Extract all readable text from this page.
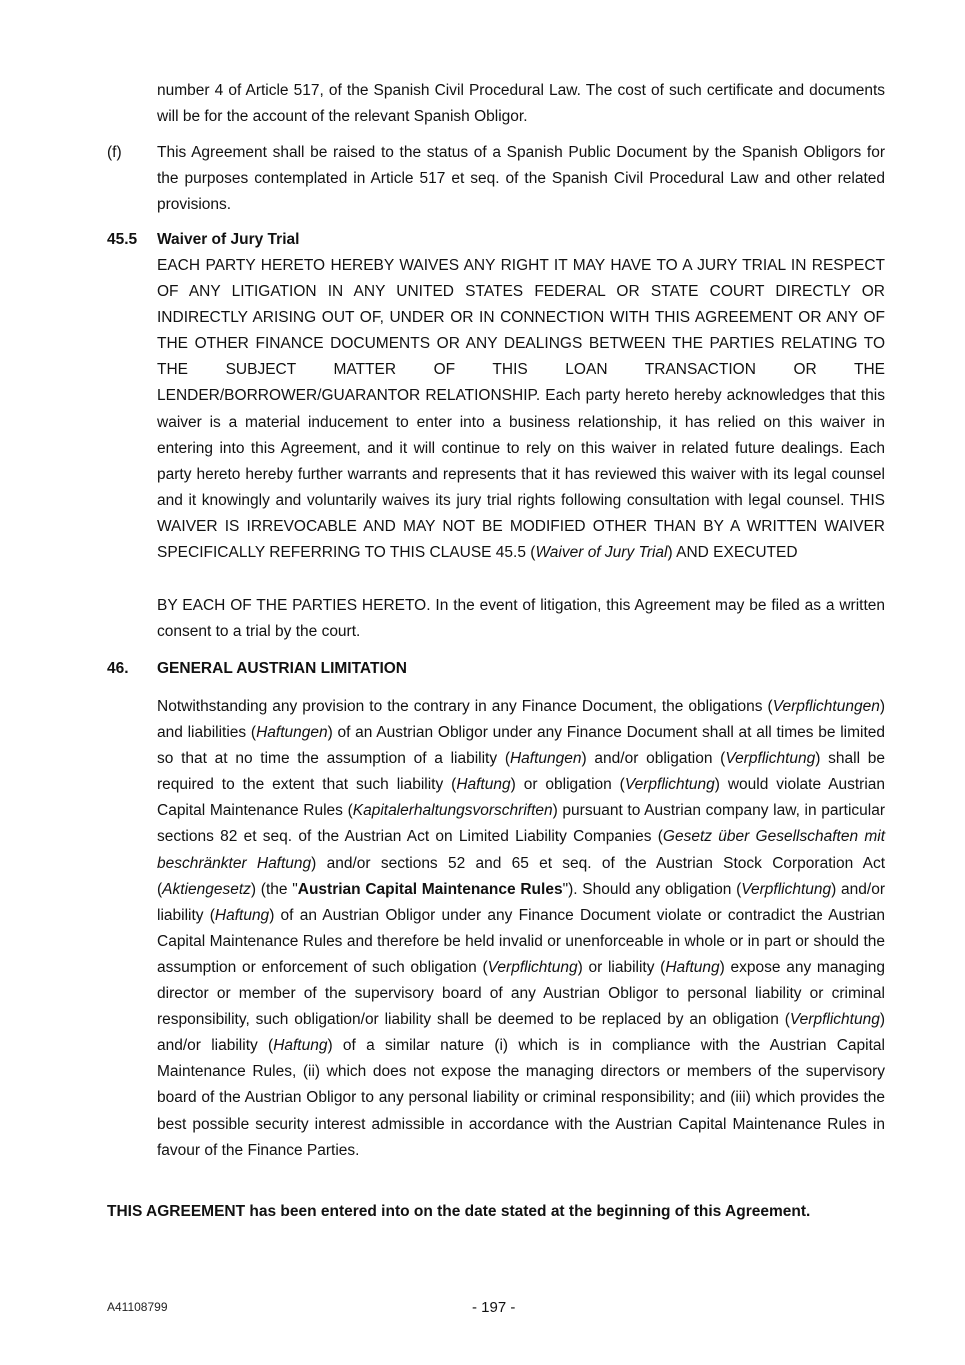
number 4 of Article 517, of the Spanish Civil Procedural Law. The cost of such certificate and documents will be for the account of the relevant Spanish Obligor.

(f) This Agreement shall be raised to the status of a Spanish Public Document by the Spanish Obligors for the purposes contemplated in Article 517 et seq. of the Spanish Civil Procedural Law and other related provisions.

45.5 Waiver of Jury Trial

EACH PARTY HERETO HEREBY WAIVES ANY RIGHT IT MAY HAVE TO A JURY TRIAL IN RESPECT OF ANY LITIGATION IN ANY UNITED STATES FEDERAL OR STATE COURT DIRECTLY OR INDIRECTLY ARISING OUT OF, UNDER OR IN CONNECTION WITH THIS AGREEMENT OR ANY OF THE OTHER FINANCE DOCUMENTS OR ANY DEALINGS BETWEEN THE PARTIES RELATING TO THE SUBJECT MATTER OF THIS LOAN TRANSACTION OR THE LENDER/BORROWER/GUARANTOR RELATIONSHIP. Each party hereto hereby acknowledges that this waiver is a material inducement to enter into a business relationship, it has relied on this waiver in entering into this Agreement, and it will continue to rely on this waiver in related future dealings. Each party hereto hereby further warrants and represents that it has reviewed this waiver with its legal counsel and it knowingly and voluntarily waives its jury trial rights following consultation with legal counsel. THIS WAIVER IS IRREVOCABLE AND MAY NOT BE MODIFIED OTHER THAN BY A WRITTEN WAIVER SPECIFICALLY REFERRING TO THIS CLAUSE 45.5 (Waiver of Jury Trial) AND EXECUTED

BY EACH OF THE PARTIES HERETO. In the event of litigation, this Agreement may be filed as a written consent to a trial by the court.

46. GENERAL AUSTRIAN LIMITATION

Notwithstanding any provision to the contrary in any Finance Document, the obligations (Verpflichtungen) and liabilities (Haftungen) of an Austrian Obligor under any Finance Document shall at all times be limited so that at no time the assumption of a liability (Haftungen) and/or obligation (Verpflichtung) shall be required to the extent that such liability (Haftung) or obligation (Verpflichtung) would violate Austrian Capital Maintenance Rules (Kapitalerhaltungsvorschriften) pursuant to Austrian company law, in particular sections 82 et seq. of the Austrian Act on Limited Liability Companies (Gesetz über Gesellschaften mit beschränkter Haftung) and/or sections 52 and 65 et seq. of the Austrian Stock Corporation Act (Aktiengesetz) (the "Austrian Capital Maintenance Rules"). Should any obligation (Verpflichtung) and/or liability (Haftung) of an Austrian Obligor under any Finance Document violate or contradict the Austrian Capital Maintenance Rules and therefore be held invalid or unenforceable in whole or in part or should the assumption or enforcement of such obligation (Verpflichtung) or liability (Haftung) expose any managing director or member of the supervisory board of any Austrian Obligor to personal liability or criminal responsibility, such obligation/or liability shall be deemed to be replaced by an obligation (Verpflichtung) and/or liability (Haftung) of a similar nature (i) which is in compliance with the Austrian Capital Maintenance Rules, (ii) which does not expose the managing directors or members of the supervisory board of the Austrian Obligor to any personal liability or criminal responsibility; and (iii) which provides the best possible security interest admissible in accordance with the Austrian Capital Maintenance Rules in favour of the Finance Parties.

THIS AGREEMENT has been entered into on the date stated at the beginning of this Agreement.
A41108799	- 197 -
